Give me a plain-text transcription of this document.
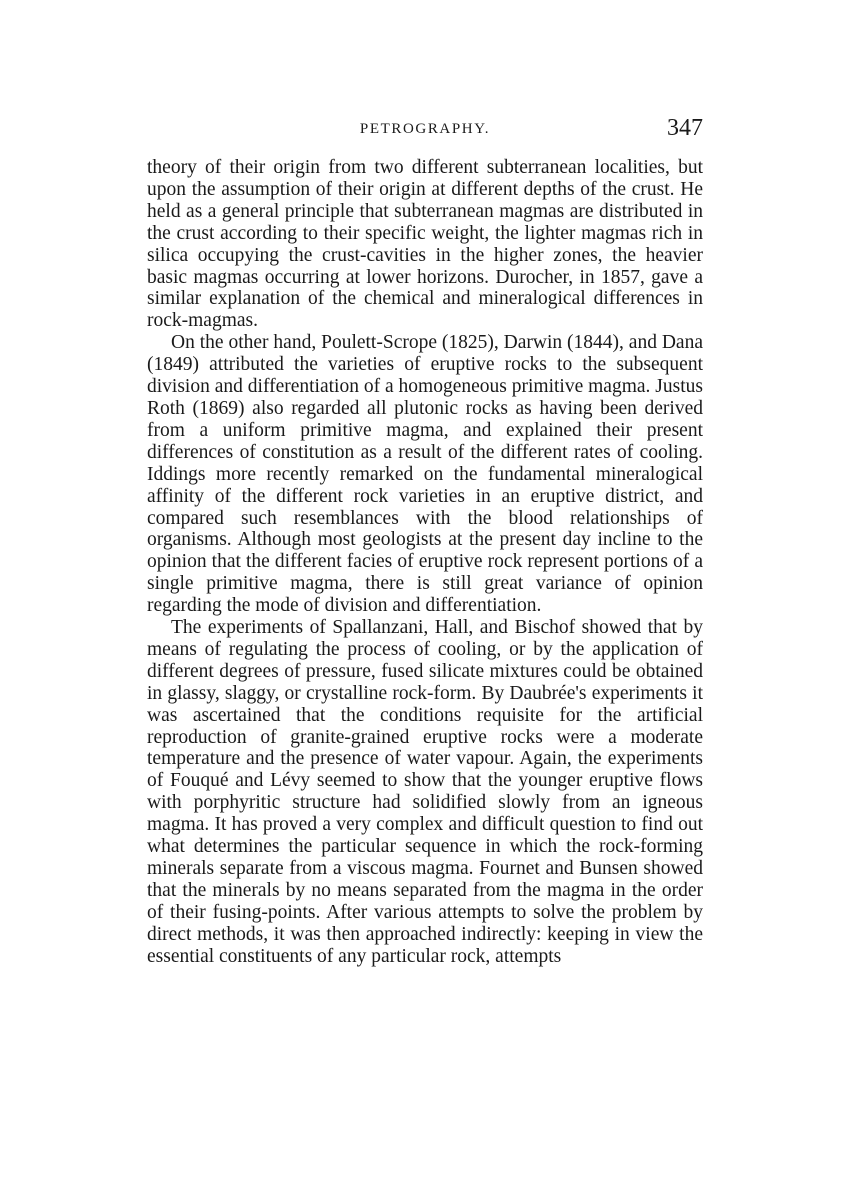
PETROGRAPHY.	347

theory of their origin from two different subterranean localities, but upon the assumption of their origin at different depths of the crust. He held as a general principle that subterranean magmas are distributed in the crust according to their specific weight, the lighter magmas rich in silica occupying the crust-cavities in the higher zones, the heavier basic magmas occurring at lower horizons. Durocher, in 1857, gave a similar explanation of the chemical and mineralogical differences in rock-magmas.

On the other hand, Poulett-Scrope (1825), Darwin (1844), and Dana (1849) attributed the varieties of eruptive rocks to the subsequent division and differentiation of a homogeneous primitive magma. Justus Roth (1869) also regarded all plutonic rocks as having been derived from a uniform primitive magma, and explained their present differences of constitution as a result of the different rates of cooling. Iddings more recently remarked on the fundamental mineralogical affinity of the different rock varieties in an eruptive district, and compared such resemblances with the blood relationships of organisms. Although most geologists at the present day incline to the opinion that the different facies of eruptive rock represent portions of a single primitive magma, there is still great variance of opinion regarding the mode of division and differentiation.

The experiments of Spallanzani, Hall, and Bischof showed that by means of regulating the process of cooling, or by the application of different degrees of pressure, fused silicate mixtures could be obtained in glassy, slaggy, or crystalline rock-form. By Daubrée's experiments it was ascertained that the conditions requisite for the artificial reproduction of granite-grained eruptive rocks were a moderate temperature and the presence of water vapour. Again, the experiments of Fouqué and Lévy seemed to show that the younger eruptive flows with porphyritic structure had solidified slowly from an igneous magma. It has proved a very complex and difficult question to find out what determines the particular sequence in which the rock-forming minerals separate from a viscous magma. Fournet and Bunsen showed that the minerals by no means separated from the magma in the order of their fusing-points. After various attempts to solve the problem by direct methods, it was then approached indirectly: keeping in view the essential constituents of any particular rock, attempts
